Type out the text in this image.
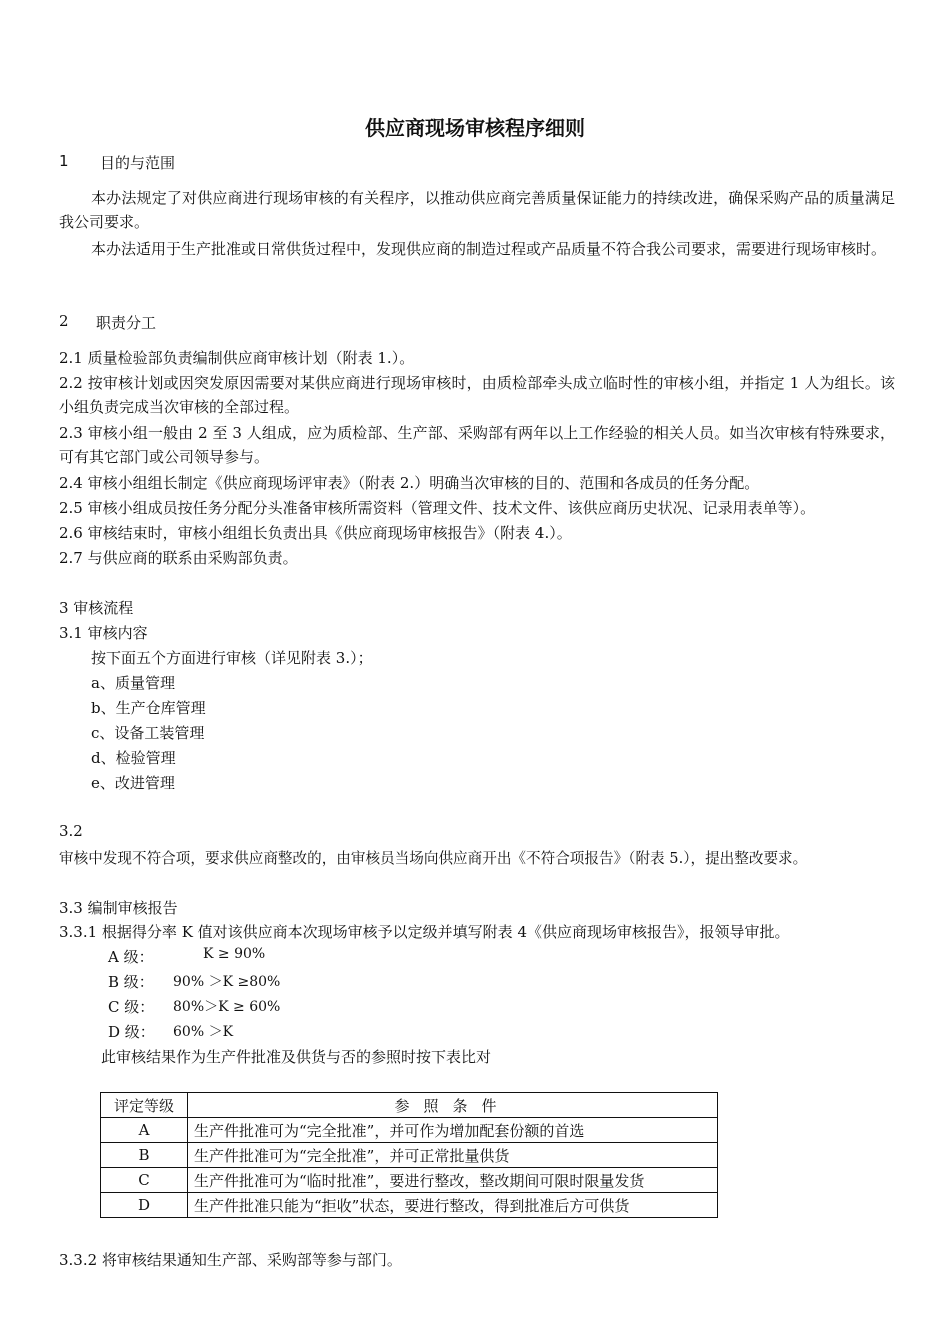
供应商现场审核程序细则
1 目的与范围
本办法规定了对供应商进行现场审核的有关程序，以推动供应商完善质量保证能力的持续改进，确保采购产品的质量满足我公司要求。
本办法适用于生产批准或日常供货过程中，发现供应商的制造过程或产品质量不符合我公司要求，需要进行现场审核时。
2 职责分工
2.1 质量检验部负责编制供应商审核计划（附表 1.）。
2.2 按审核计划或因突发原因需要对某供应商进行现场审核时，由质检部牵头成立临时性的审核小组，并指定 1 人为组长。该小组负责完成当次审核的全部过程。
2.3 审核小组一般由 2 至 3 人组成，应为质检部、生产部、采购部有两年以上工作经验的相关人员。如当次审核有特殊要求，可有其它部门或公司领导参与。
2.4 审核小组组长制定《供应商现场评审表》（附表 2.）明确当次审核的目的、范围和各成员的任务分配。
2.5 审核小组成员按任务分配分头准备审核所需资料（管理文件、技术文件、该供应商历史状况、记录用表单等）。
2.6 审核结束时，审核小组组长负责出具《供应商现场审核报告》（附表 4.）。
2.7 与供应商的联系由采购部负责。
3 审核流程
3.1 审核内容
按下面五个方面进行审核（详见附表 3.）；
a、质量管理
b、生产仓库管理
c、设备工装管理
d、检验管理
e、改进管理
3.2
审核中发现不符合项，要求供应商整改的，由审核员当场向供应商开出《不符合项报告》（附表 5.），提出整改要求。
3.3 编制审核报告
3.3.1 根据得分率 K 值对该供应商本次现场审核予以定级并填写附表 4《供应商现场审核报告》，报领导审批。
A 级：	K ≥ 90%
B 级： 90% ＞K ≥80%
C 级： 80%＞K ≥ 60%
D 级： 60% ＞K
此审核结果作为生产件批准及供货与否的参照时按下表比对
评定等级	参照条件
A	生产件批准可为“完全批准”，并可作为增加配套份额的首选
B	生产件批准可为“完全批准”，并可正常批量供货
C	生产件批准可为“临时批准”，要进行整改，整改期间可限时限量发货
D	生产件批准只能为“拒收”状态，要进行整改，得到批准后方可供货
3.3.2 将审核结果通知生产部、采购部等参与部门。
